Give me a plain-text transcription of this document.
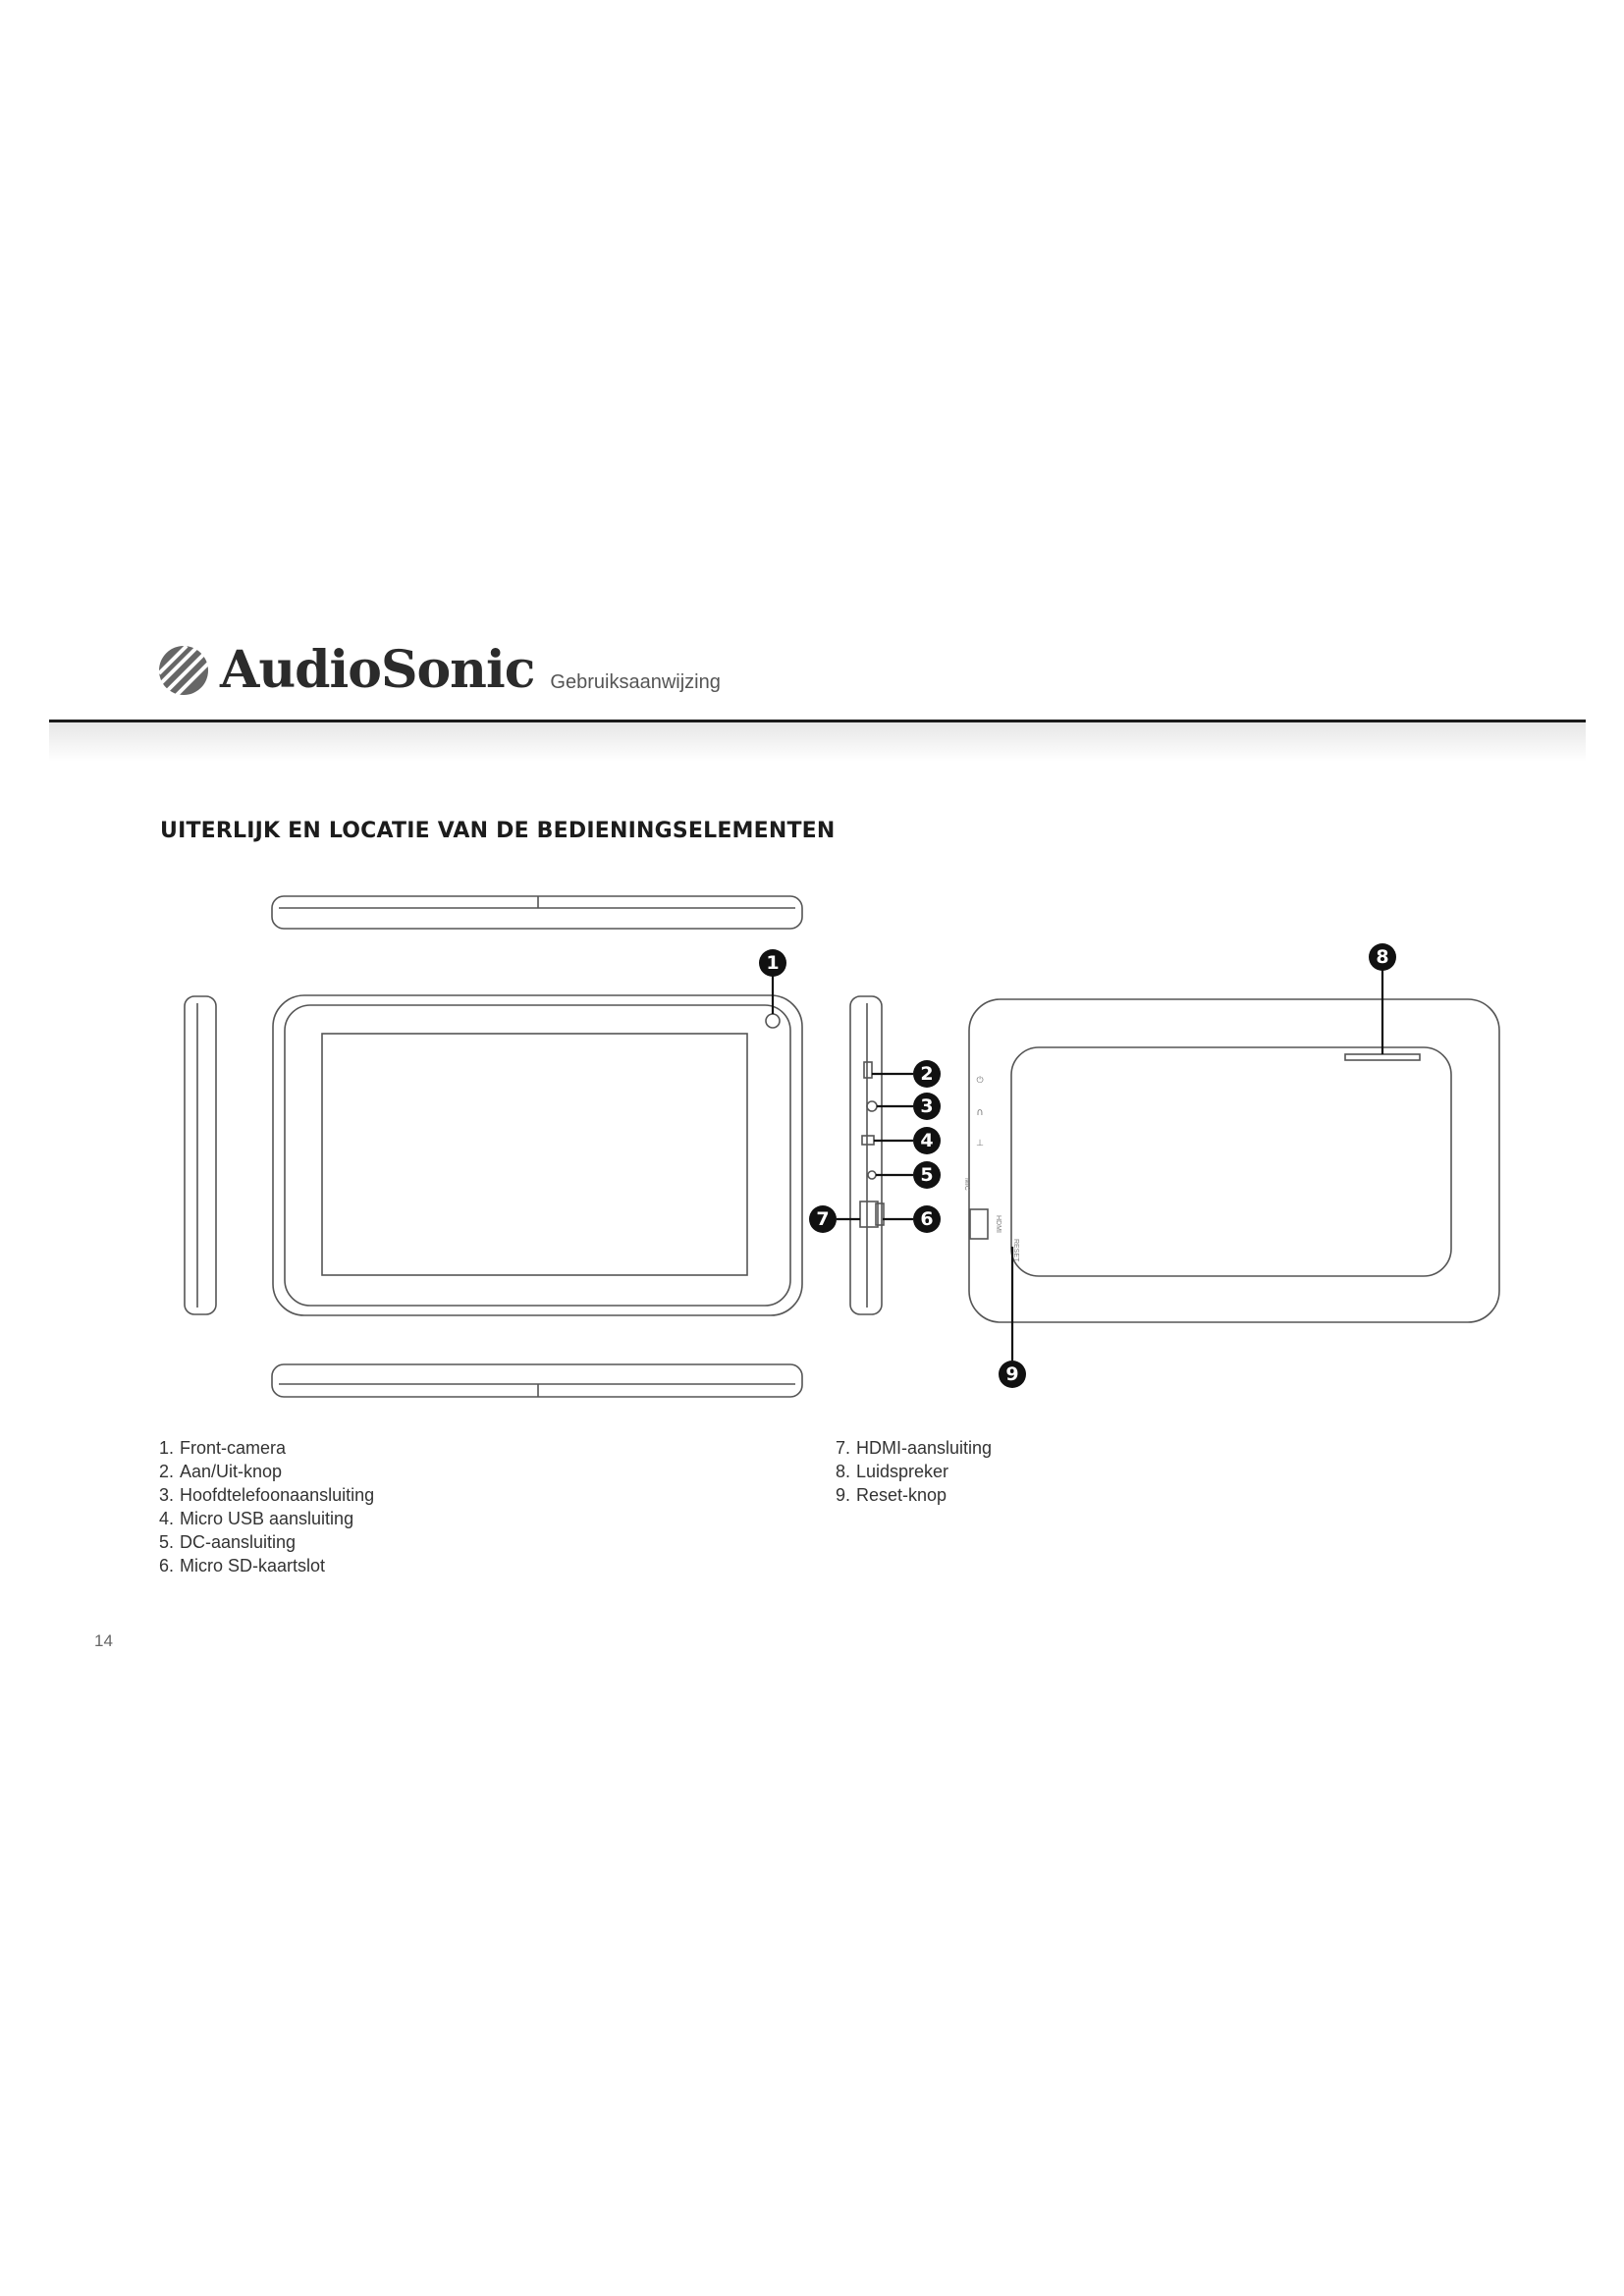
AudioSonic Gebruiksaanwijzing
UITERLIJK EN LOCATIE VAN DE BEDIENINGSELEMENTEN
⏻
∩
⊥
MIC
HDMI
RESET
1
2
3
4
5
6
7
8
9
1. Front-camera
2. Aan/Uit-knop
3. Hoofdtelefoonaansluiting
4. Micro USB aansluiting
5. DC-aansluiting
6. Micro SD-kaartslot
7. HDMI-aansluiting
8. Luidspreker
9. Reset-knop
14
